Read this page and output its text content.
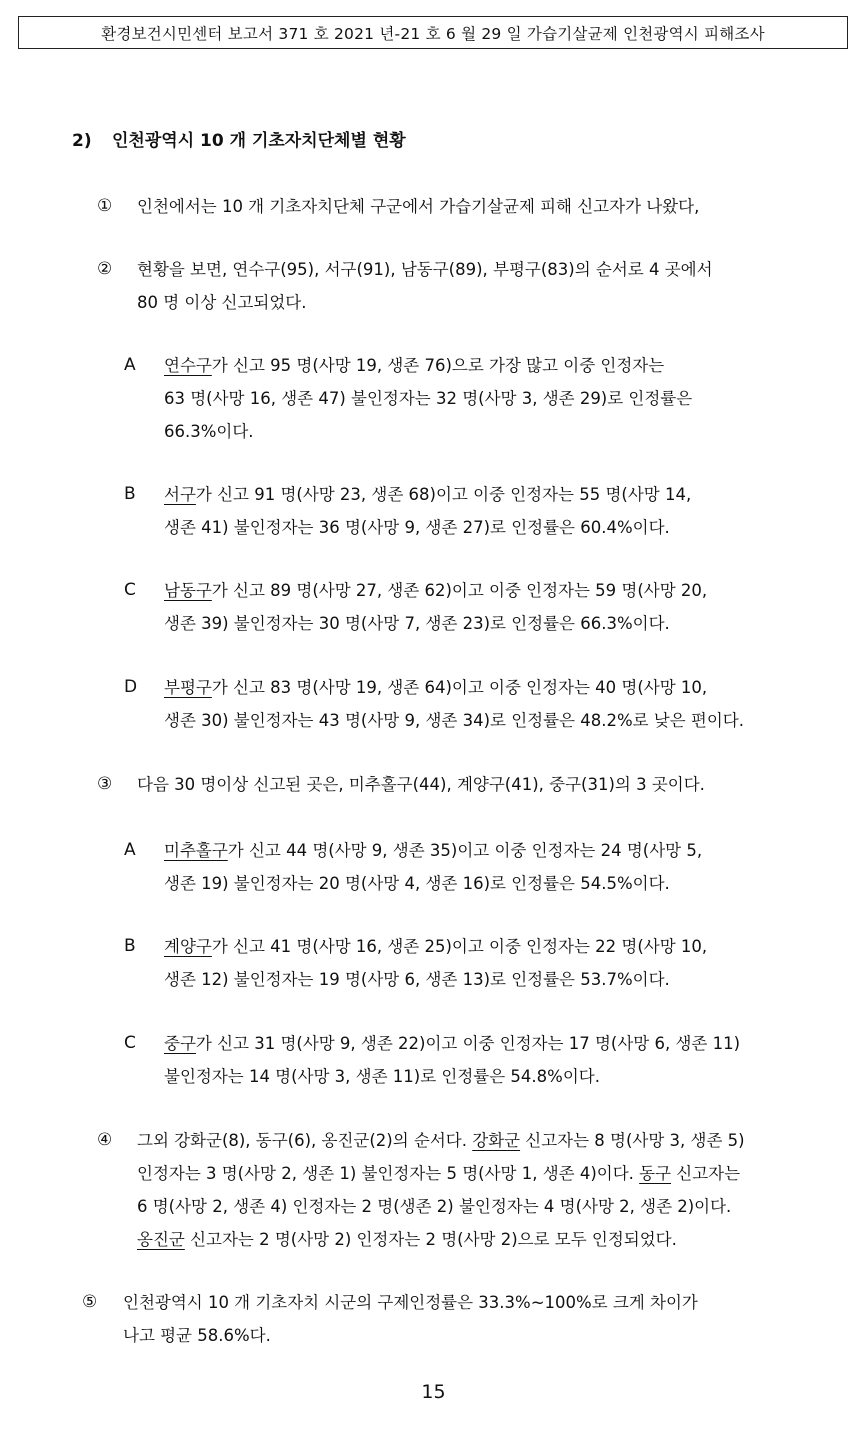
환경보건시민센터 보고서 371 호 2021 년-21 호 6 월 29 일 가습기살균제 인천광역시 피해조사
2) 인천광역시 10 개 기초자치단체별 현황
① 인천에서는 10 개 기초자치단체 구군에서 가습기살균제 피해 신고자가 나왔다,
② 현황을 보면, 연수구(95), 서구(91), 남동구(89), 부평구(83)의 순서로 4 곳에서
80 명 이상 신고되었다.
A 연수구가 신고 95 명(사망 19, 생존 76)으로 가장 많고 이중 인정자는
63 명(사망 16, 생존 47) 불인정자는 32 명(사망 3, 생존 29)로 인정률은
66.3%이다.
B 서구가 신고 91 명(사망 23, 생존 68)이고 이중 인정자는 55 명(사망 14,
생존 41) 불인정자는 36 명(사망 9, 생존 27)로 인정률은 60.4%이다.
C 남동구가 신고 89 명(사망 27, 생존 62)이고 이중 인정자는 59 명(사망 20,
생존 39) 불인정자는 30 명(사망 7, 생존 23)로 인정률은 66.3%이다.
D 부평구가 신고 83 명(사망 19, 생존 64)이고 이중 인정자는 40 명(사망 10,
생존 30) 불인정자는 43 명(사망 9, 생존 34)로 인정률은 48.2%로 낮은 편이다.
③ 다음 30 명이상 신고된 곳은, 미추홀구(44), 계양구(41), 중구(31)의 3 곳이다.
A 미추홀구가 신고 44 명(사망 9, 생존 35)이고 이중 인정자는 24 명(사망 5,
생존 19) 불인정자는 20 명(사망 4, 생존 16)로 인정률은 54.5%이다.
B 계양구가 신고 41 명(사망 16, 생존 25)이고 이중 인정자는 22 명(사망 10,
생존 12) 불인정자는 19 명(사망 6, 생존 13)로 인정률은 53.7%이다.
C 중구가 신고 31 명(사망 9, 생존 22)이고 이중 인정자는 17 명(사망 6, 생존 11)
불인정자는 14 명(사망 3, 생존 11)로 인정률은 54.8%이다.
④ 그외 강화군(8), 동구(6), 옹진군(2)의 순서다. 강화군 신고자는 8 명(사망 3, 생존 5)
인정자는 3 명(사망 2, 생존 1) 불인정자는 5 명(사망 1, 생존 4)이다. 동구 신고자는
6 명(사망 2, 생존 4) 인정자는 2 명(생존 2) 불인정자는 4 명(사망 2, 생존 2)이다.
옹진군 신고자는 2 명(사망 2) 인정자는 2 명(사망 2)으로 모두 인정되었다.
⑤ 인천광역시 10 개 기초자치 시군의 구제인정률은 33.3%~100%로 크게 차이가
나고 평균 58.6%다.
15
